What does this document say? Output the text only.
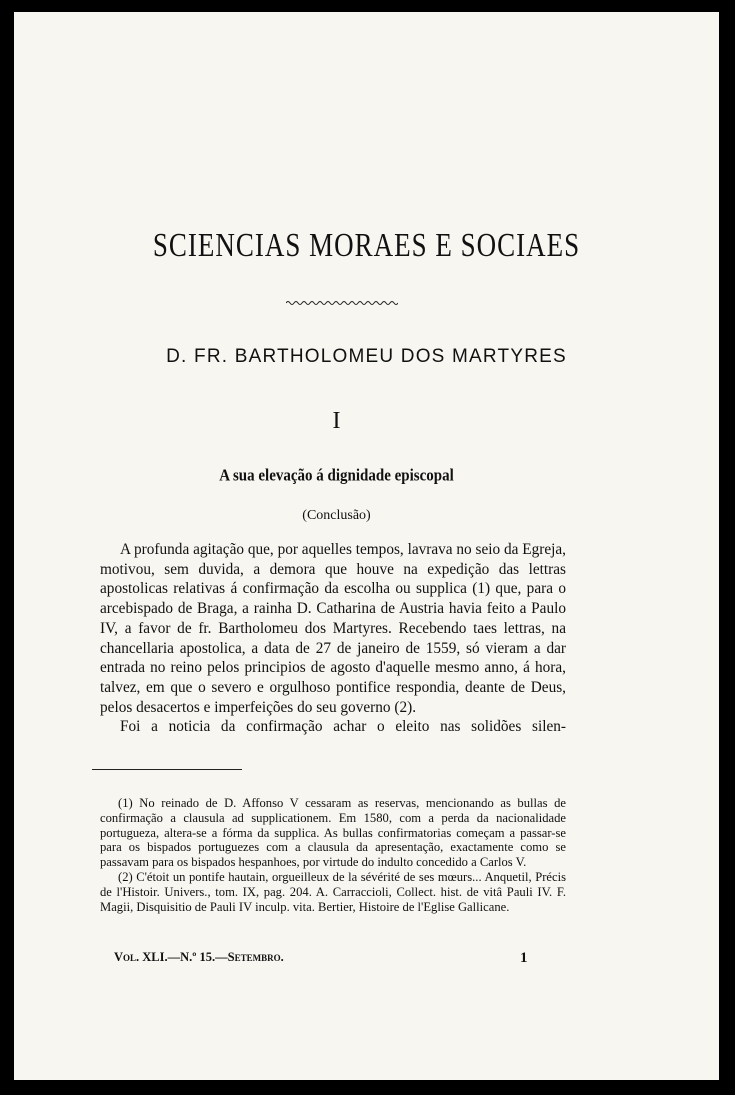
SCIENCIAS MORAES E SOCIAES
D. FR. BARTHOLOMEU DOS MARTYRES
I
A sua elevação á dignidade episcopal
(Conclusão)

A profunda agitação que, por aquelles tempos, lavrava no seio da Egreja, motivou, sem duvida, a demora que houve na expedição das lettras apostolicas relativas á confirmação da escolha ou supplica (1) que, para o arcebispado de Braga, a rainha D. Catharina de Austria havia feito a Paulo IV, a favor de fr. Bartholomeu dos Martyres. Recebendo taes lettras, na chancellaria apostolica, a data de 27 de janeiro de 1559, só vieram a dar entrada no reino pelos principios de agosto d'aquelle mesmo anno, á hora, talvez, em que o severo e orgulhoso pontifice respondia, deante de Deus, pelos desacertos e imperfeições do seu governo (2).

Foi a noticia da confirmação achar o eleito nas solidões silen-

(1) No reinado de D. Affonso V cessaram as reservas, mencionando as bullas de confirmação a clausula ad supplicationem. Em 1580, com a perda da nacionalidade portugueza, altera-se a fórma da supplica. As bullas confirmatorias começam a passar-se para os bispados portuguezes com a clausula da apresentação, exactamente como se passavam para os bispados hespanhoes, por virtude do indulto concedido a Carlos V.

(2) C'étoit un pontife hautain, orgueilleux de la sévérité de ses mœurs... Anquetil, Précis de l'Histoir. Univers., tom. IX, pag. 204. A. Carraccioli, Collect. hist. de vitâ Pauli IV. F. Magii, Disquisitio de Pauli IV inculp. vita. Bertier, Histoire de l'Eglise Gallicane.

Vol. XLI.—N.º 15.—Setembro.	1
